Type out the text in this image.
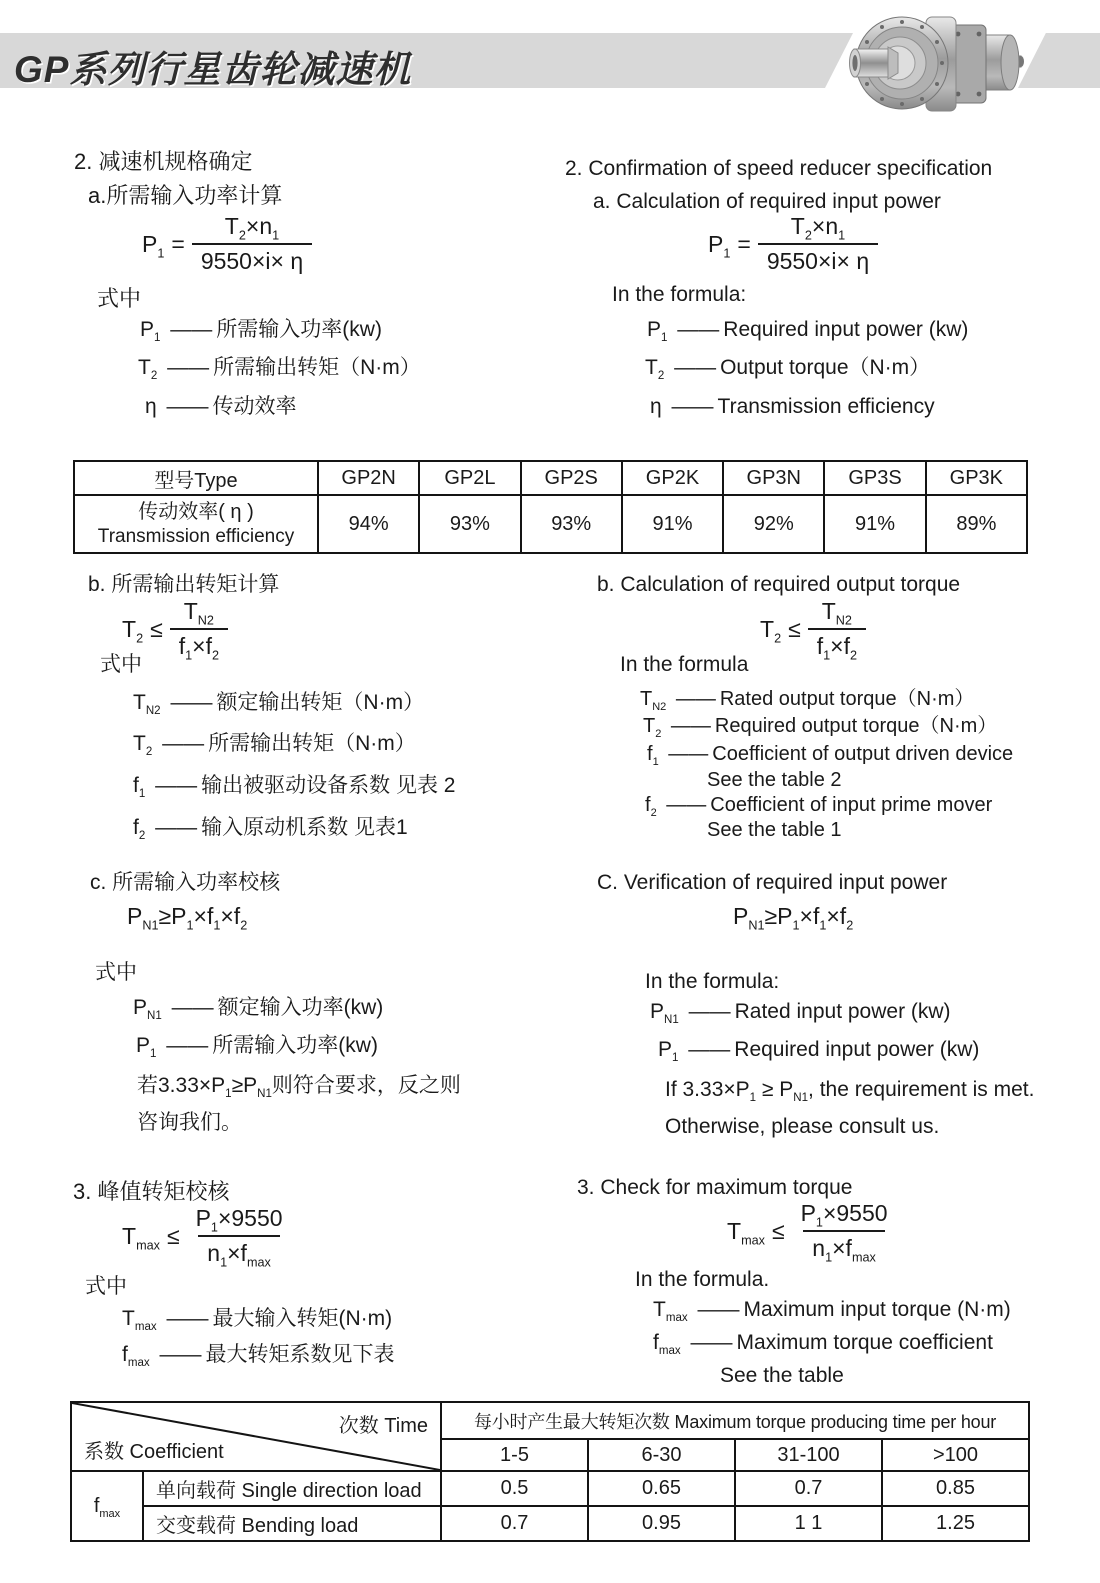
GP系列行星齿轮减速机
2. 减速机规格确定
a.所需输入功率计算
$P_1 = \frac{T_2\times n_1}{9550\times i\times \eta}$
式中
$P_1$ —— 所需输入功率(kw)
$T_2$ —— 所需输出转矩（N·m）
η —— 传动效率
2. Confirmation of speed reducer specification
a. Calculation of required input power
$P_1 = \frac{T_2\times n_1}{9550\times i\times \eta}$
In the formula:
$P_1$ —— Required input power (kw)
$T_2$ —— Output torque（N·m）
η —— Transmission efficiency
型号Type	GP2N	GP2L	GP2S	GP2K	GP3N	GP3S	GP3K

传动效率( η )
Transmission efficiency	94%	93%	93%	91%	92%	91%	89%
b. 所需输出转矩计算
$T_2 \le \frac{T_{N2}}{f_1\times f_2}$
式中
$T_{N2}$ —— 额定输出转矩（N·m）
$T_2$ —— 所需输出转矩（N·m）
$f_1$ —— 输出被驱动设备系数 见表 2
$f_2$ —— 输入原动机系数 见表1
b. Calculation of required output torque
$T_2 \le \frac{T_{N2}}{f_1\times f_2}$
In the formula
$T_{N2}$ —— Rated output torque（N·m）
$T_2$ —— Required output torque（N·m）
$f_1$ —— Coefficient of output driven device
See the table 2
$f_2$ —— Coefficient of input prime mover
See the table 1
c. 所需输入功率校核
$P_{N1} \ge P_1\times f_1\times f_2$
式中
$P_{N1}$ —— 额定输入功率(kw)
$P_1$ —— 所需输入功率(kw)
若$3.33\times P_1\ge P_{N1}$则符合要求，反之则
咨询我们。
C. Verification of required input power
$P_{N1} \ge P_1\times f_1\times f_2$
In the formula:
$P_{N1}$ —— Rated input power (kw)
$P_1$ —— Required input power (kw)
If $3.33\times P_1 \ge P_{N1}$, the requirement is met.
Otherwise, please consult us.
3. 峰值转矩校核
$T_{max} \le \frac{P_1\times 9550}{n_1\times f_{max}}$
式中
$T_{max}$ —— 最大输入转矩(N·m)
$f_{max}$ —— 最大转矩系数见下表
3. Check for maximum torque
$T_{max} \le \frac{P_1\times 9550}{n_1\times f_{max}}$
In the formula.
$T_{max}$ —— Maximum input torque (N·m)
$f_{max}$ —— Maximum torque coefficient
See the table
次数 Time
系数 Coefficient		每小时产生最大转矩次数 Maximum torque producing time per hour			
		1-5	6-30	31-100	>100
$f_{max}$	单向载荷 Single direction load	0.5	0.65	0.7	0.85
	交变载荷 Bending load	0.7	0.95	1 1	1.25
